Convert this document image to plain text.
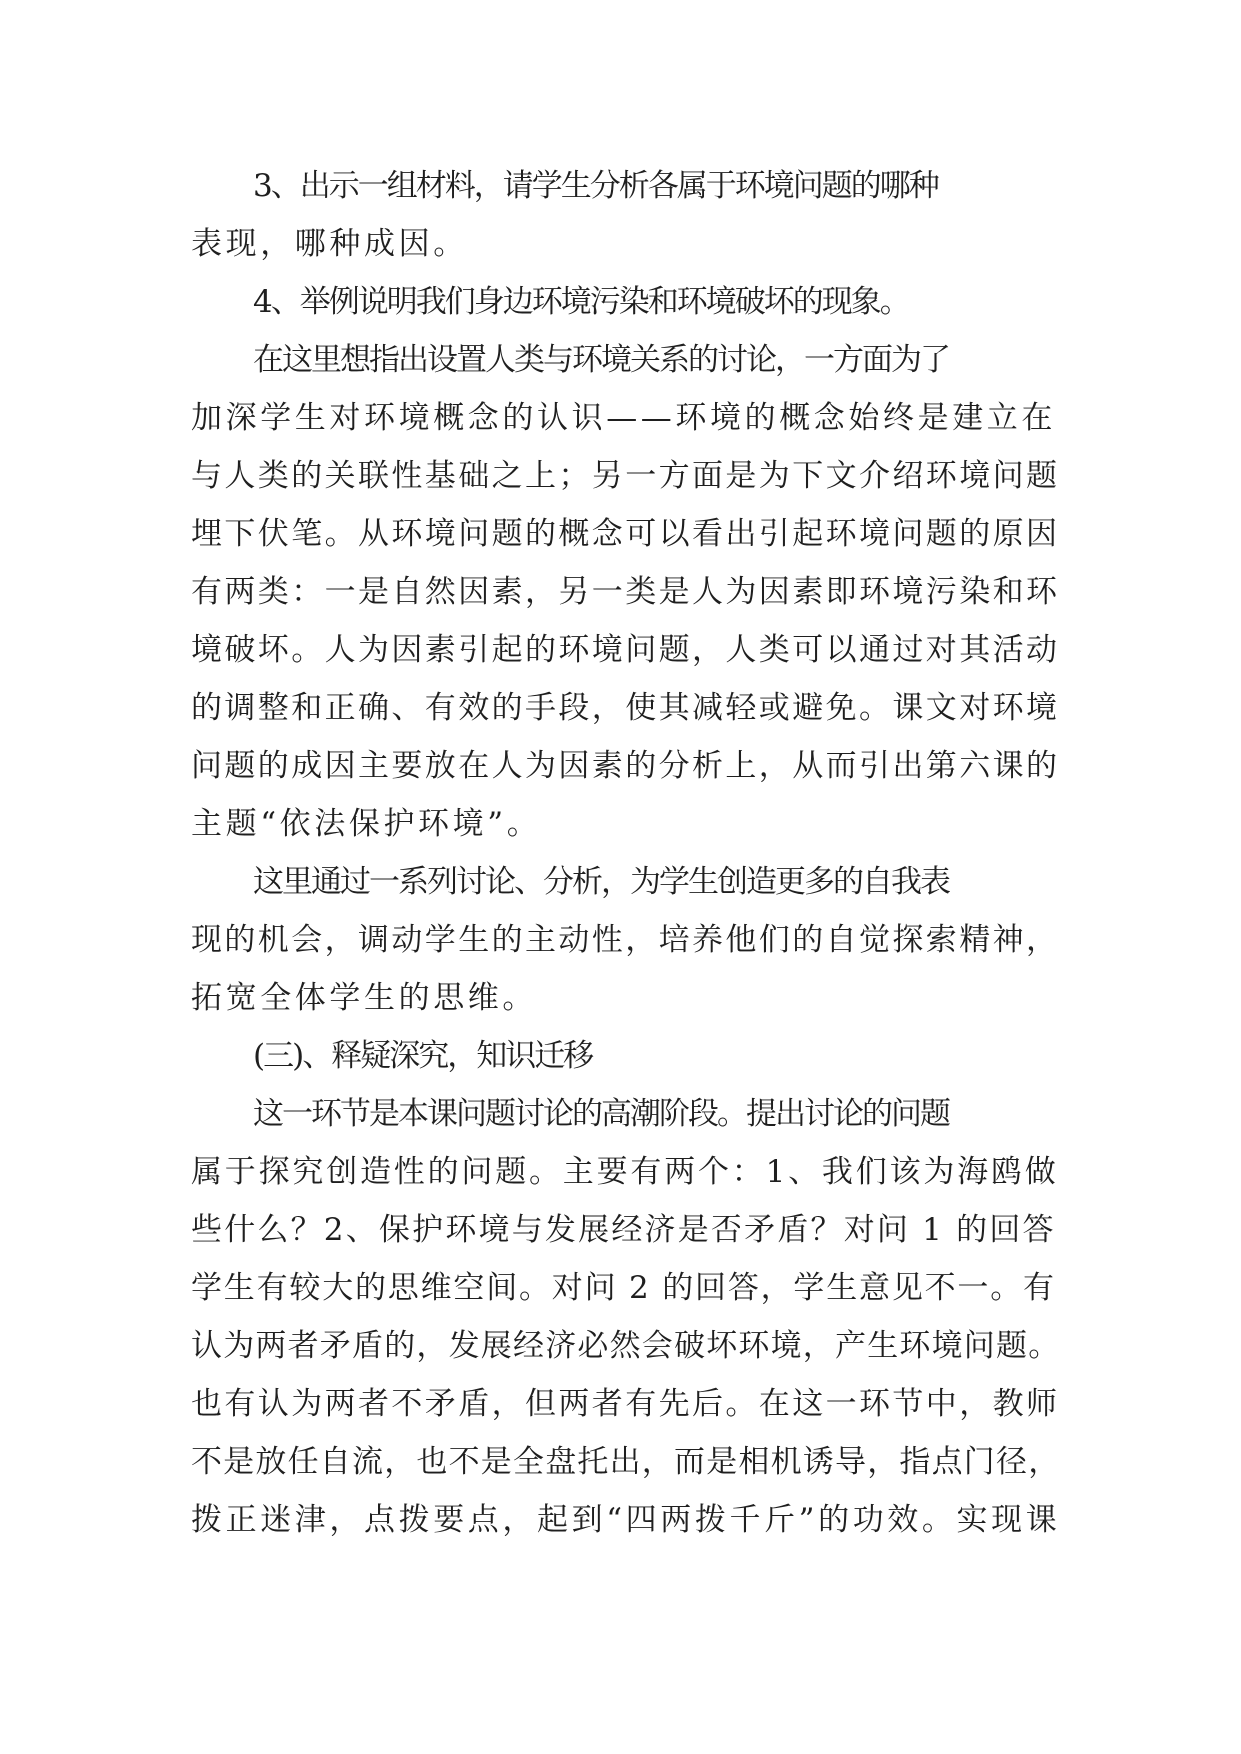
3、出示一组材料，请学生分析各属于环境问题的哪种
表现，哪种成因。
4、举例说明我们身边环境污染和环境破坏的现象。
在这里想指出设置人类与环境关系的讨论，一方面为了
加深学生对环境概念的认识——环境的概念始终是建立在
与人类的关联性基础之上；另一方面是为下文介绍环境问题
埋下伏笔。从环境问题的概念可以看出引起环境问题的原因
有两类：一是自然因素，另一类是人为因素即环境污染和环
境破坏。人为因素引起的环境问题，人类可以通过对其活动
的调整和正确、有效的手段，使其减轻或避免。课文对环境
问题的成因主要放在人为因素的分析上，从而引出第六课的
主题“依法保护环境”。
这里通过一系列讨论、分析，为学生创造更多的自我表
现的机会，调动学生的主动性，培养他们的自觉探索精神，
拓宽全体学生的思维。
(三)、释疑深究，知识迁移
这一环节是本课问题讨论的高潮阶段。提出讨论的问题
属于探究创造性的问题。主要有两个：1、我们该为海鸥做
些什么？2、保护环境与发展经济是否矛盾？对问 1 的回答
学生有较大的思维空间。对问 2 的回答，学生意见不一。有
认为两者矛盾的，发展经济必然会破坏环境，产生环境问题。
也有认为两者不矛盾，但两者有先后。在这一环节中，教师
不是放任自流，也不是全盘托出，而是相机诱导，指点门径，
拨正迷津，点拨要点，起到“四两拨千斤”的功效。实现课
